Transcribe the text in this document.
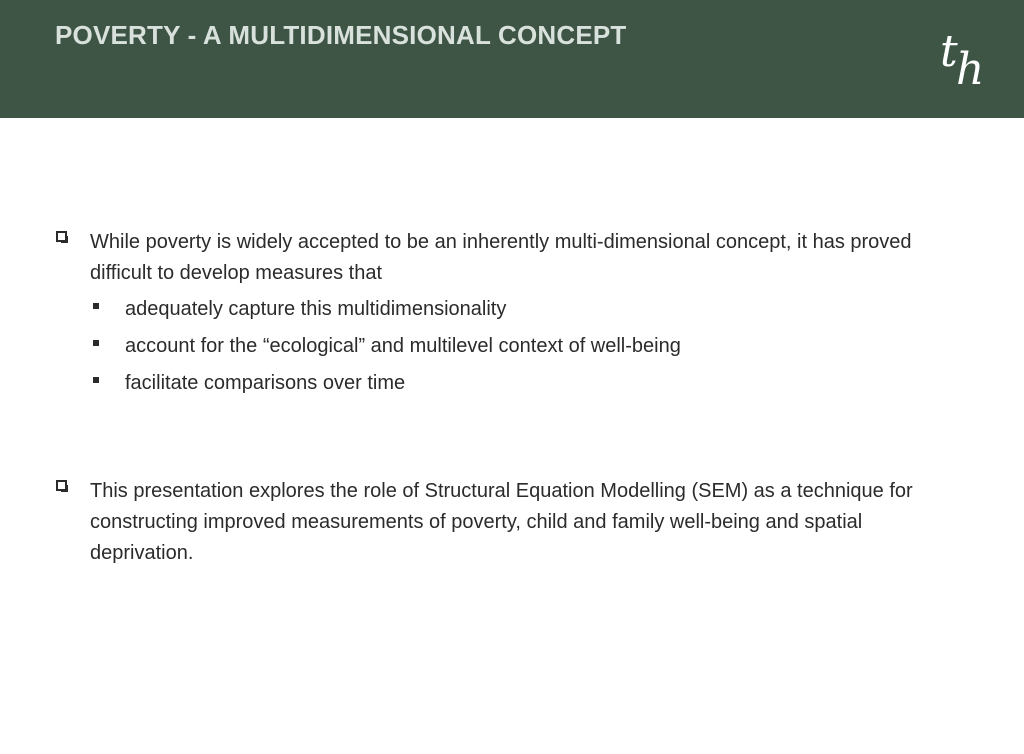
POVERTY - A MULTIDIMENSIONAL CONCEPT	t
h
While poverty is widely accepted to be an inherently multi-dimensional concept, it has proved difficult to develop measures that
adequately capture this multidimensionality
account for the “ecological” and multilevel context of well-being
facilitate comparisons over time
This presentation explores the role of Structural Equation Modelling (SEM) as a technique for constructing improved measurements of poverty, child and family well-being and spatial deprivation.
